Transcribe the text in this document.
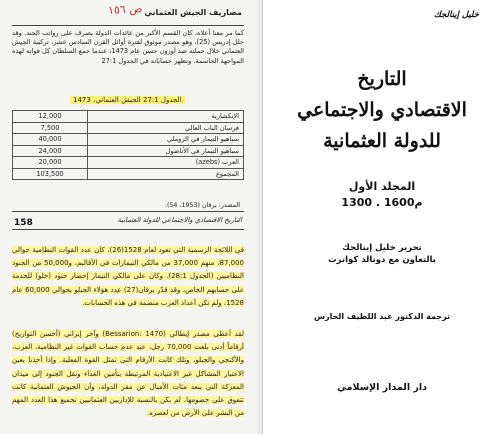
مصاريف الجيش العثماني
ص ١٥٦
كما مر معنا أعلاه، كان القسم الأكبر من عائدات الدولة يصرف على رواتب الجند. وقد حلل إدريس (25)، وهو مصدر موثوق لفترة أوائل القرن السادس عشر، تركيبة الجيش العثماني خلال حملته ضد أوزون حسن عام 1473، عندما جمع السلطان كل قواته لهذه المواجهة الحاسمة. وتظهر حساباته في الجدول 27:1
الجدول 27:1 الجيش العثماني، 1473
12,000	الإنكشارية
7,500	فرسان الباب العالي
40,000	سباهيو التيمار في الروملي
24,000	سباهيو التيمار في الأناضول
20,000	العزب (azebs)
103,500	المجموع
المصدر: برقان (1953، 54).
158	التاريخ الاقتصادي والاجتماعي للدولة العثمانية
في اللائحة الرسمية التي تعود لعام 1528(26)، كان عدد القوات النظامية حوالي 87,000، منهم 37,000 من مالكي التيمارات في الأقاليم، و50,000 من الجنود النظاميين (الجدول 28:1). وكان على مالكي التيمار إحضار جنود (جلو) للخدمة على حسابهم الخاص، وقد قدّر برقان(27) عدد هؤلاء الجبلو بحوالي 60,000 عام 1528، ولم تكن أعداد العزب منضمة في هذه الحسابات.
لقد أعطى مصدر إيطالي (Bessarion: 1470) وآخر إيراني (أحسن التواريخ) أرقاماً أدنى بلغت 70,000 رجل، عند عدم حساب القوات غير النظامية، العزب، والأكنجي والجبلو، وتلك كانت الأرقام التي تمثل القوة الفعلية. وإذا أخذنا بعين الاعتبار المشاكل غير الاعتيادية المرتبطة بتأمين الغذاء ونقل الجنود إلى ميدان المعركة التي يبعد مئات الأميال عن مقر الدولة، وأن الجيوش العثمانية كانت تتفوق على خصومها، لم يكن بالنسبة للإداريين العثمانيين تجميع هذا العدد المهم من البشر على الأرض من لعصره.
خليل إينالجك
التاريخ
الاقتصادي والاجتماعي
للدولة العثمانية
المجلد الأول
1300 . 1600م
تحرير خليل إينالجك
بالتعاون مع دونالد كواترت
ترجمة الدكتور عبد اللطيف الحارس
دار المدار الإسلامي
